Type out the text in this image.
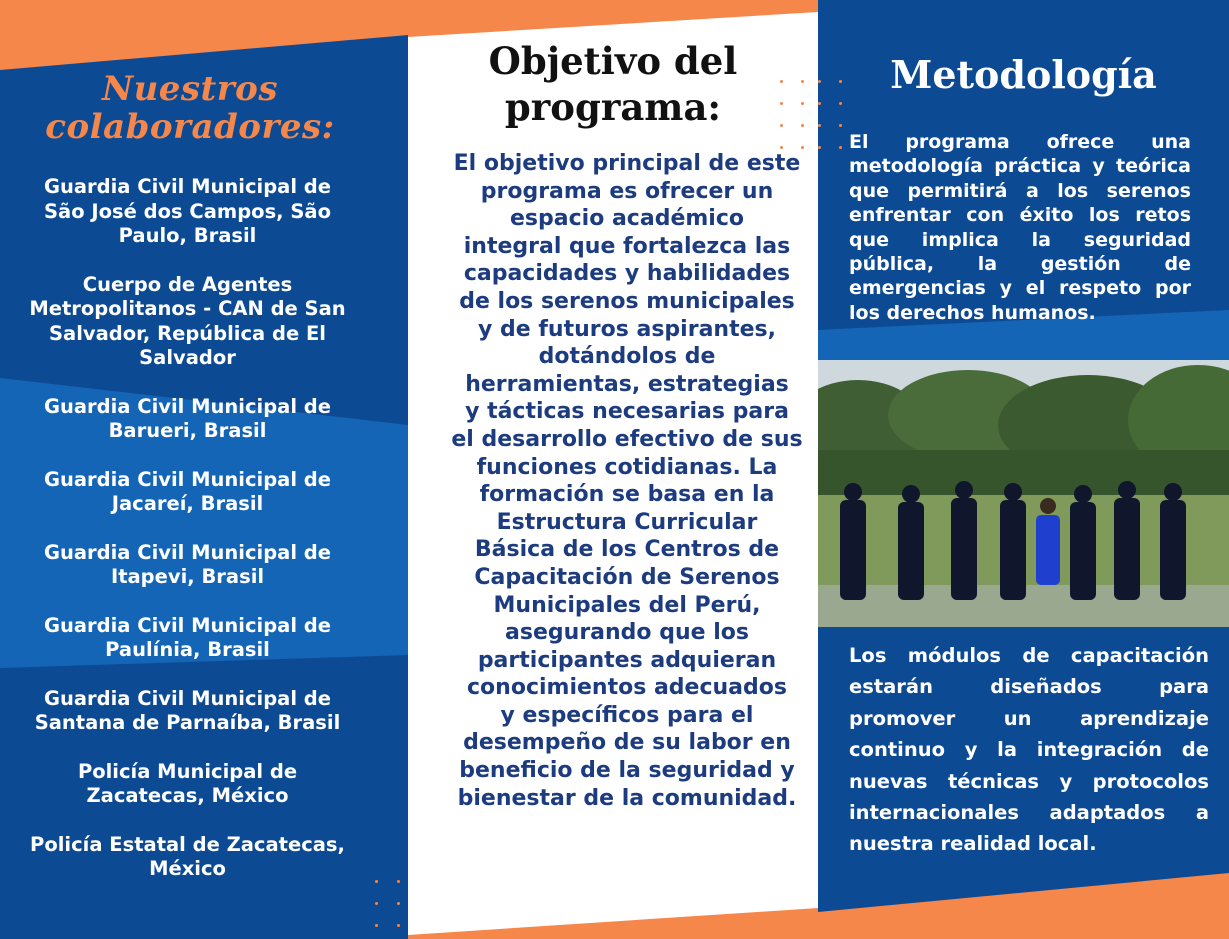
Nuestros
colaboradores:
Guardia Civil Municipal de
São José dos Campos, São
Paulo, Brasil
Cuerpo de Agentes
Metropolitanos - CAN de San
Salvador, República de El
Salvador
Guardia Civil Municipal de
Barueri, Brasil
Guardia Civil Municipal de
Jacareí, Brasil
Guardia Civil Municipal de
Itapevi, Brasil
Guardia Civil Municipal de
Paulínia, Brasil
Guardia Civil Municipal de
Santana de Parnaíba, Brasil
Policía Municipal de
Zacatecas, México
Policía Estatal de Zacatecas,
México
Objetivo del
programa:
El objetivo principal de este
programa es ofrecer un
espacio académico
integral que fortalezca las
capacidades y habilidades
de los serenos municipales
y de futuros aspirantes,
dotándolos de
herramientas, estrategias
y tácticas necesarias para
el desarrollo efectivo de sus
funciones cotidianas. La
formación se basa en la
Estructura Curricular
Básica de los Centros de
Capacitación de Serenos
Municipales del Perú,
asegurando que los
participantes adquieran
conocimientos adecuados
y específicos para el
desempeño de su labor en
beneficio de la seguridad y
bienestar de la comunidad.
Metodología

El programa ofrece una metodología práctica y teórica que permitirá a los serenos enfrentar con éxito los retos que implica la seguridad pública, la gestión de emergencias y el respeto por los derechos humanos.

Los módulos de capacitación estarán diseñados para promover un aprendizaje continuo y la integración de nuevas técnicas y protocolos internacionales adaptados a nuestra realidad local.
